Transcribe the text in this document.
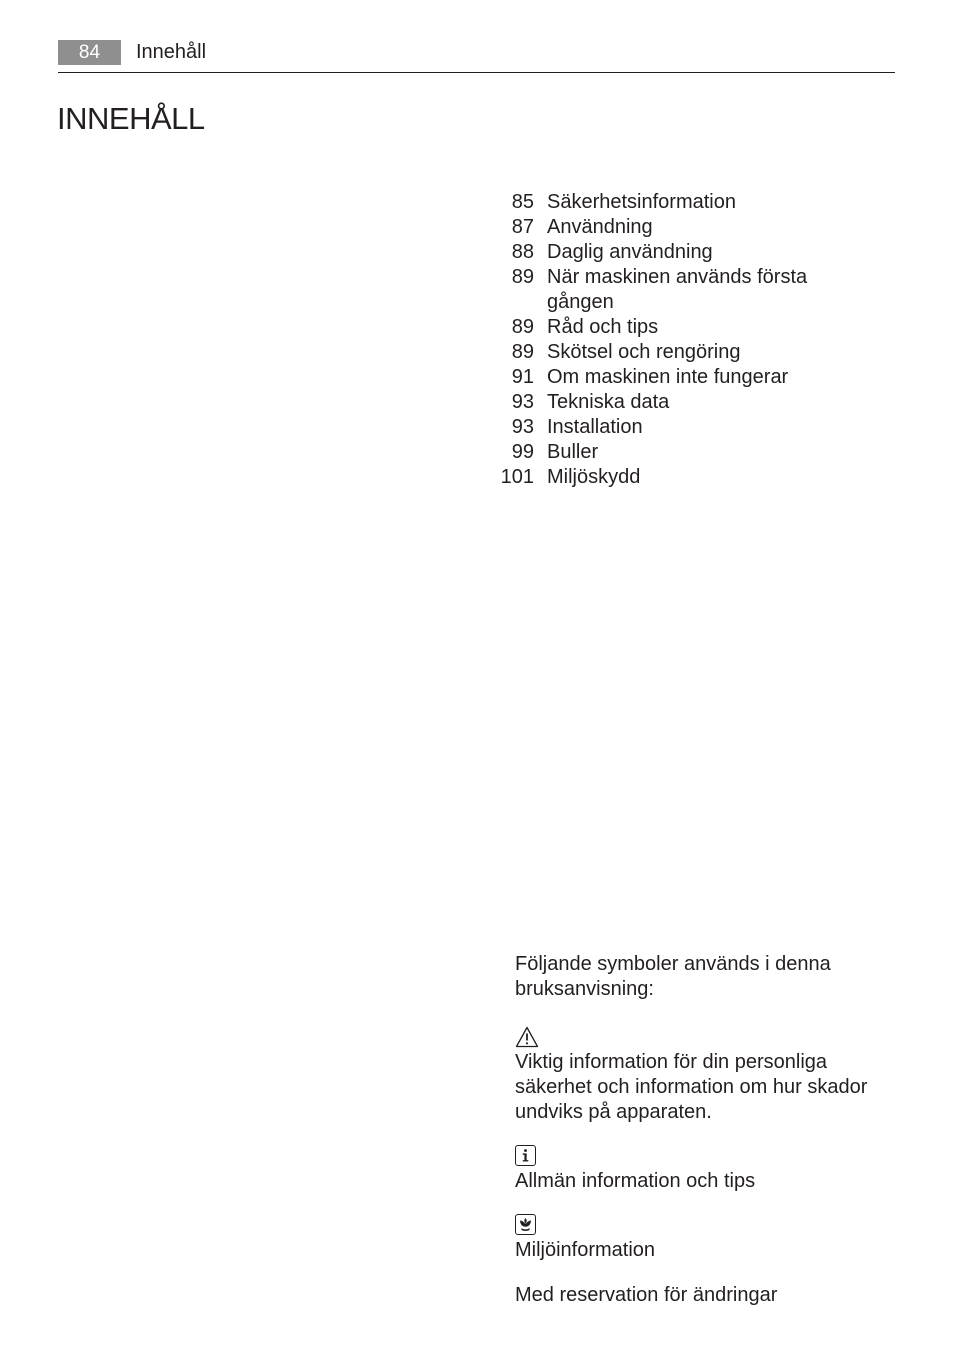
84	Innehåll
INNEHÅLL
85 Säkerhetsinformation
87 Användning
88 Daglig användning
89 När maskinen används första gången
89 Råd och tips
89 Skötsel och rengöring
91 Om maskinen inte fungerar
93 Tekniska data
93 Installation
99 Buller
101 Miljöskydd

Följande symboler används i denna bruksanvisning:

Viktig information för din personliga säkerhet och information om hur skador undviks på apparaten.

Allmän information och tips

Miljöinformation

Med reservation för ändringar
